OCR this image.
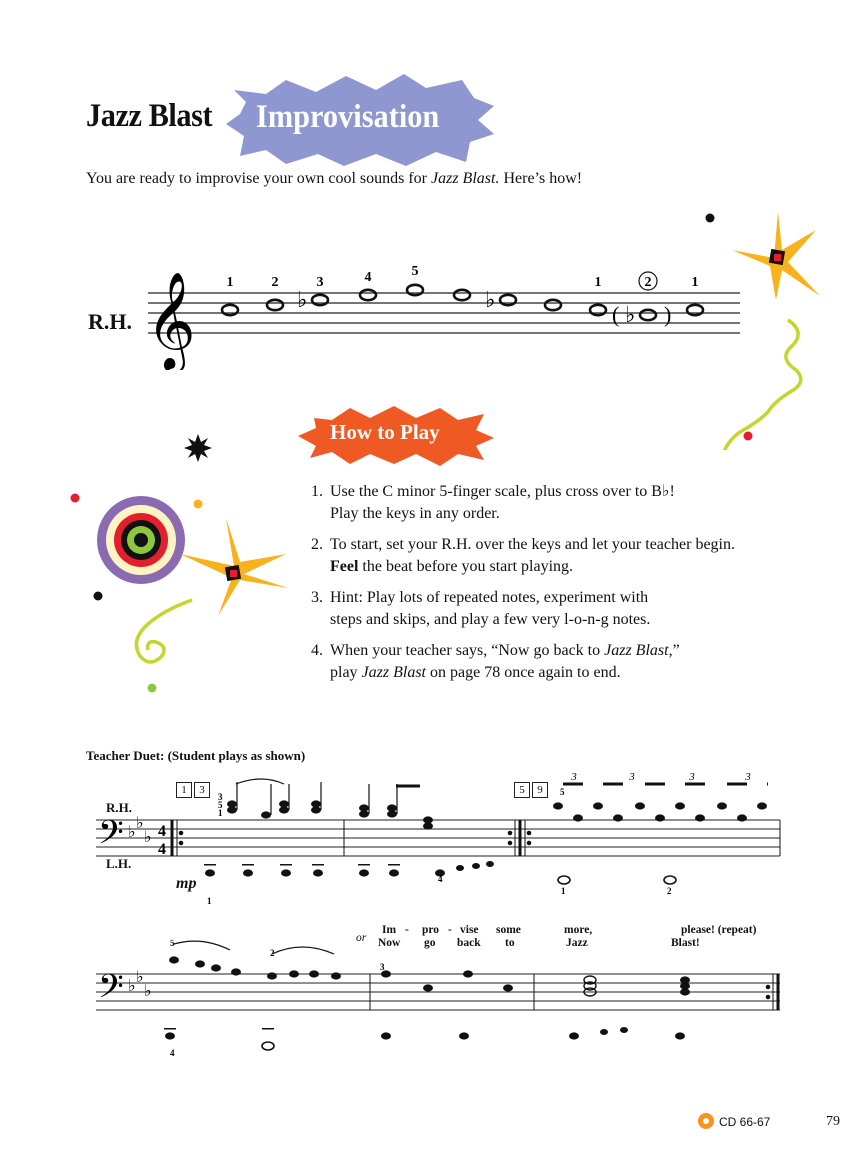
Jazz Blast Improvisation
You are ready to improvise your own cool sounds for Jazz Blast. Here’s how!
R.H. 𝄞	♭	♭
♭
( )
1	2	3	4	5
1	2	1
How to Play
1. Use the C minor 5-finger scale, plus cross over to B♭!
Play the keys in any order.
2. To start, set your R.H. over the keys and let your teacher begin.
Feel the beat before you start playing.
3. Hint: Play lots of repeated notes, experiment with
steps and skips, and play a few very l-o-n-g notes.
4. When your teacher says, “Now go back to Jazz Blast,”
play Jazz Blast on page 78 once again to end.
Teacher Duet: (Student plays as shown)
R.H.
L.H.
mp
1	3	5	9
𝄢 ♭
♭
♭ 4
4
3	3	3	3
5
3
1
1
4
5
1	2
or
Im - pro - vise some	more,	please! (repeat)
Now go back to	Jazz	Blast!
𝄢 ♭
♭
♭
5
2
3
4
CD 66-67	79
